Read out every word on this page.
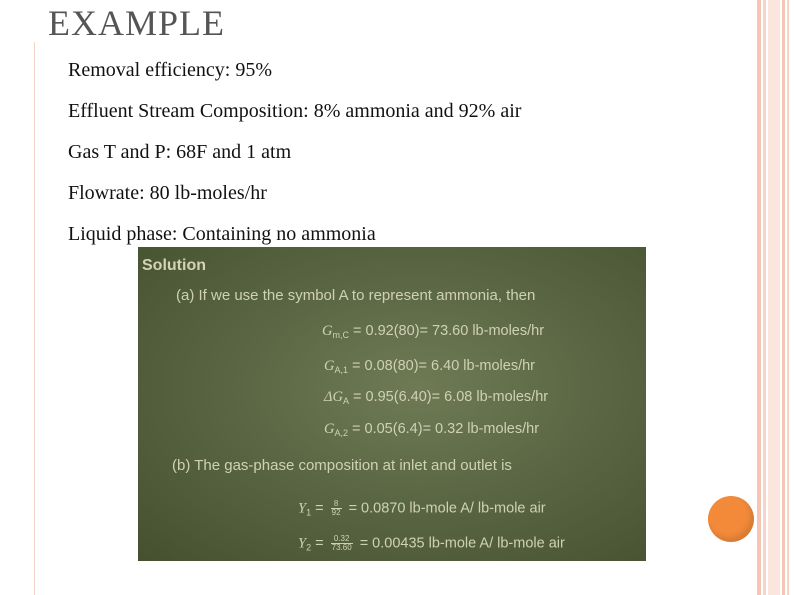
EXAMPLE
Removal efficiency: 95%
Effluent Stream Composition: 8% ammonia and 92% air
Gas T and P: 68F and 1 atm
Flowrate: 80 lb-moles/hr
Liquid phase: Containing no ammonia
Solution
(a) If we use the symbol A to represent ammonia, then
$G_{m,C} = 0.92(80)= 73.60$ lb-moles/hr
$G_{A,1} = 0.08(80)= 6.40$ lb-moles/hr
$\Delta G_A = 0.95(6.40)= 6.08$ lb-moles/hr
$G_{A,2} = 0.05(6.4)= 0.32$ lb-moles/hr
(b) The gas-phase composition at inlet and outlet is
$Y_1 = \frac{8}{92} = 0.0870$ lb-mole A/ lb-mole air
$Y_2 = \frac{0.32}{73.60} = 0.00435$ lb-mole A/ lb-mole air
